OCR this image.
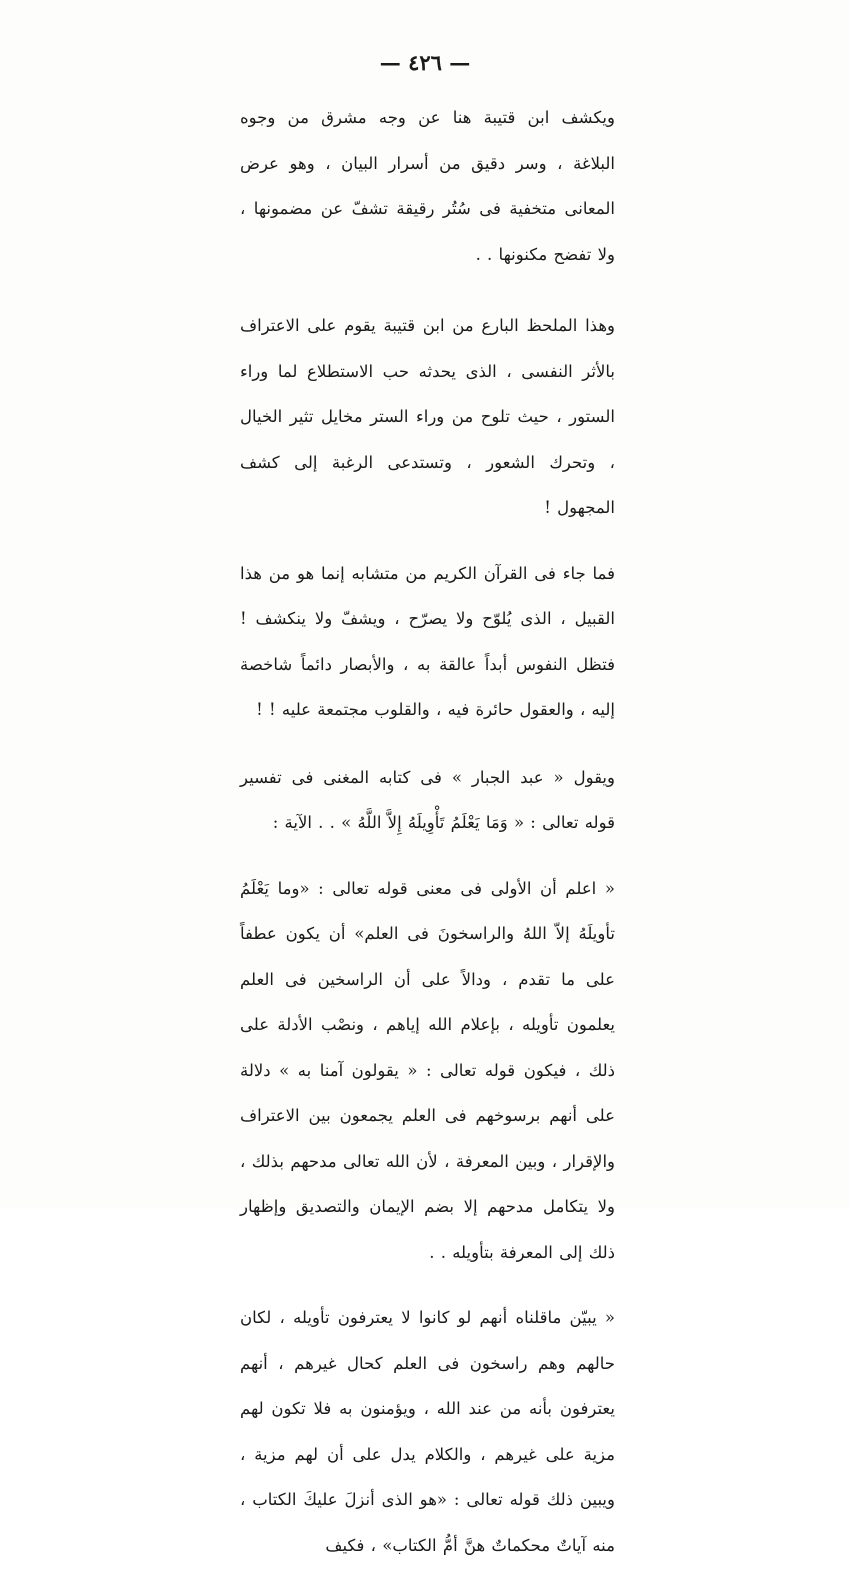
— ٤٢٦ —

ويكشف ابن قتيبة هنا عن وجه مشرق من وجوه البلاغة ، وسر دقيق من أسرار البيان ، وهو عرض المعانى متخفية فى سُتُر رقيقة تشفّ عن مضمونها ، ولا تفضح مكنونها . .

وهذا الملحظ البارع من ابن قتيبة يقوم على الاعتراف بالأثر النفسى ، الذى يحدثه حب الاستطلاع لما وراء الستور ، حيث تلوح من وراء الستر مخايل تثير الخيال ، وتحرك الشعور ، وتستدعى الرغبة إلى كشف المجهول !

فما جاء فى القرآن الكريم من متشابه إنما هو من هذا القبيل ، الذى يُلوّح ولا يصرّح ، ويشفّ ولا ينكشف ! فتظل النفوس أبداً عالقة به ، والأبصار دائماً شاخصة إليه ، والعقول حائرة فيه ، والقلوب مجتمعة عليه ! !

ويقول « عبد الجبار » فى كتابه المغنى فى تفسير قوله تعالى : « وَمَا يَعْلَمُ تَأْوِيلَهُ إِلاَّ اللَّهُ » . . الآية :

« اعلم أن الأولى فى معنى قوله تعالى : «وما يَعْلَمُ تأويلَهُ إلاّ اللهُ والراسخونَ فى العلم» أن يكون عطفاً على ما تقدم ، ودالاً على أن الراسخين فى العلم يعلمون تأويله ، بإعلام الله إياهم ، ونصْب الأدلة على ذلك ، فيكون قوله تعالى : « يقولون آمنا به » دلالة على أنهم برسوخهم فى العلم يجمعون بين الاعتراف والإقرار ، وبين المعرفة ، لأن الله تعالى مدحهم بذلك ، ولا يتكامل مدحهم إلا بضم الإيمان والتصديق وإظهار ذلك إلى المعرفة بتأويله . .

« يبيّن ماقلناه أنهم لو كانوا لا يعترفون تأويله ، لكان حالهم وهم راسخون فى العلم كحال غيرهم ، أنهم يعترفون بأنه من عند الله ، ويؤمنون به فلا تكون لهم مزية على غيرهم ، والكلام يدل على أن لهم مزية ، ويبين ذلك قوله تعالى : «هو الذى أنزلَ عليكَ الكتاب ، منه آياتٌ محكماتٌ هنَّ أمُّ الكتاب» ، فكيف
